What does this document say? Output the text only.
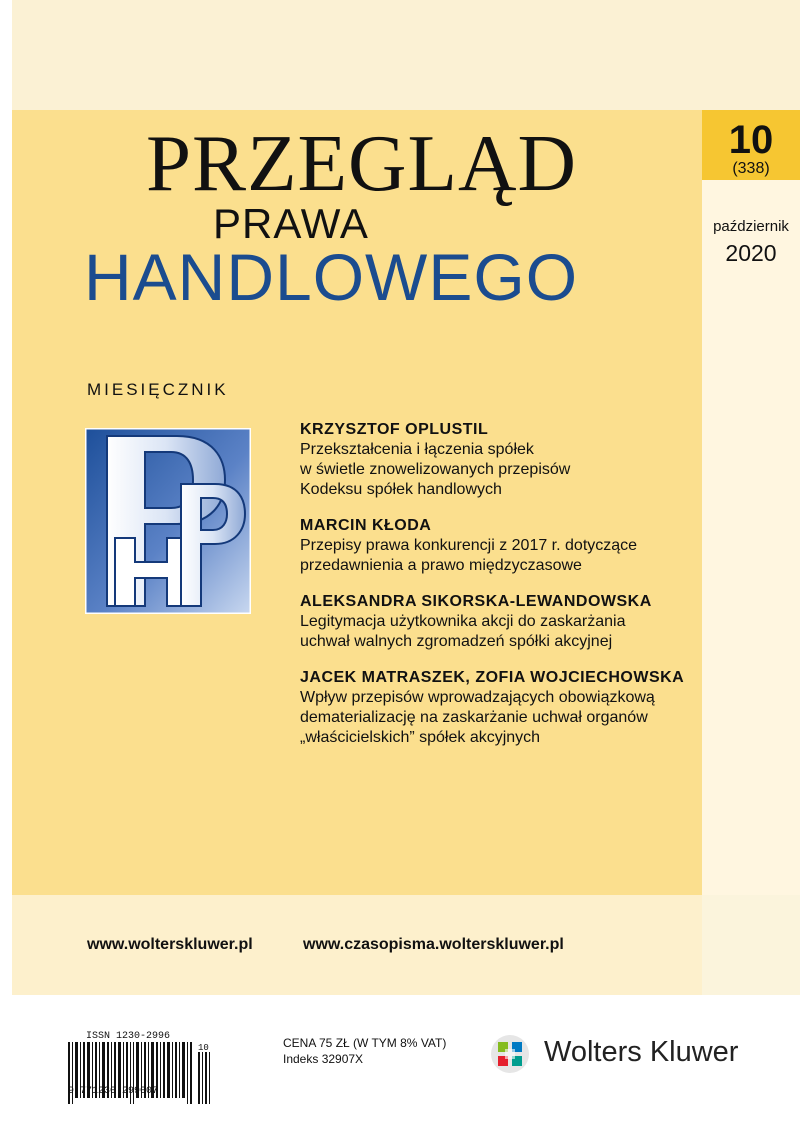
PRZEGLĄD
PRAWA
HANDLOWEGO
10
(338)
październik
2020
MIESIĘCZNIK
KRZYSZTOF OPLUSTIL
Przekształcenia i łączenia spółek
w świetle znowelizowanych przepisów
Kodeksu spółek handlowych
MARCIN KŁODA
Przepisy prawa konkurencji z 2017 r. dotyczące
przedawnienia a prawo międzyczasowe
ALEKSANDRA SIKORSKA-LEWANDOWSKA
Legitymacja użytkownika akcji do zaskarżania
uchwał walnych zgromadzeń spółki akcyjnej
JACEK MATRASZEK, ZOFIA WOJCIECHOWSKA
Wpływ przepisów wprowadzających obowiązkową
dematerializację na zaskarżanie uchwał organów
„właścicielskich” spółek akcyjnych
www.wolterskluwer.pl	www.czasopisma.wolterskluwer.pl
ISSN 1230-2996
9 771230 299007
10	CENA 75 ZŁ (W TYM 8% VAT)
Indeks 32907X	Wolters Kluwer
